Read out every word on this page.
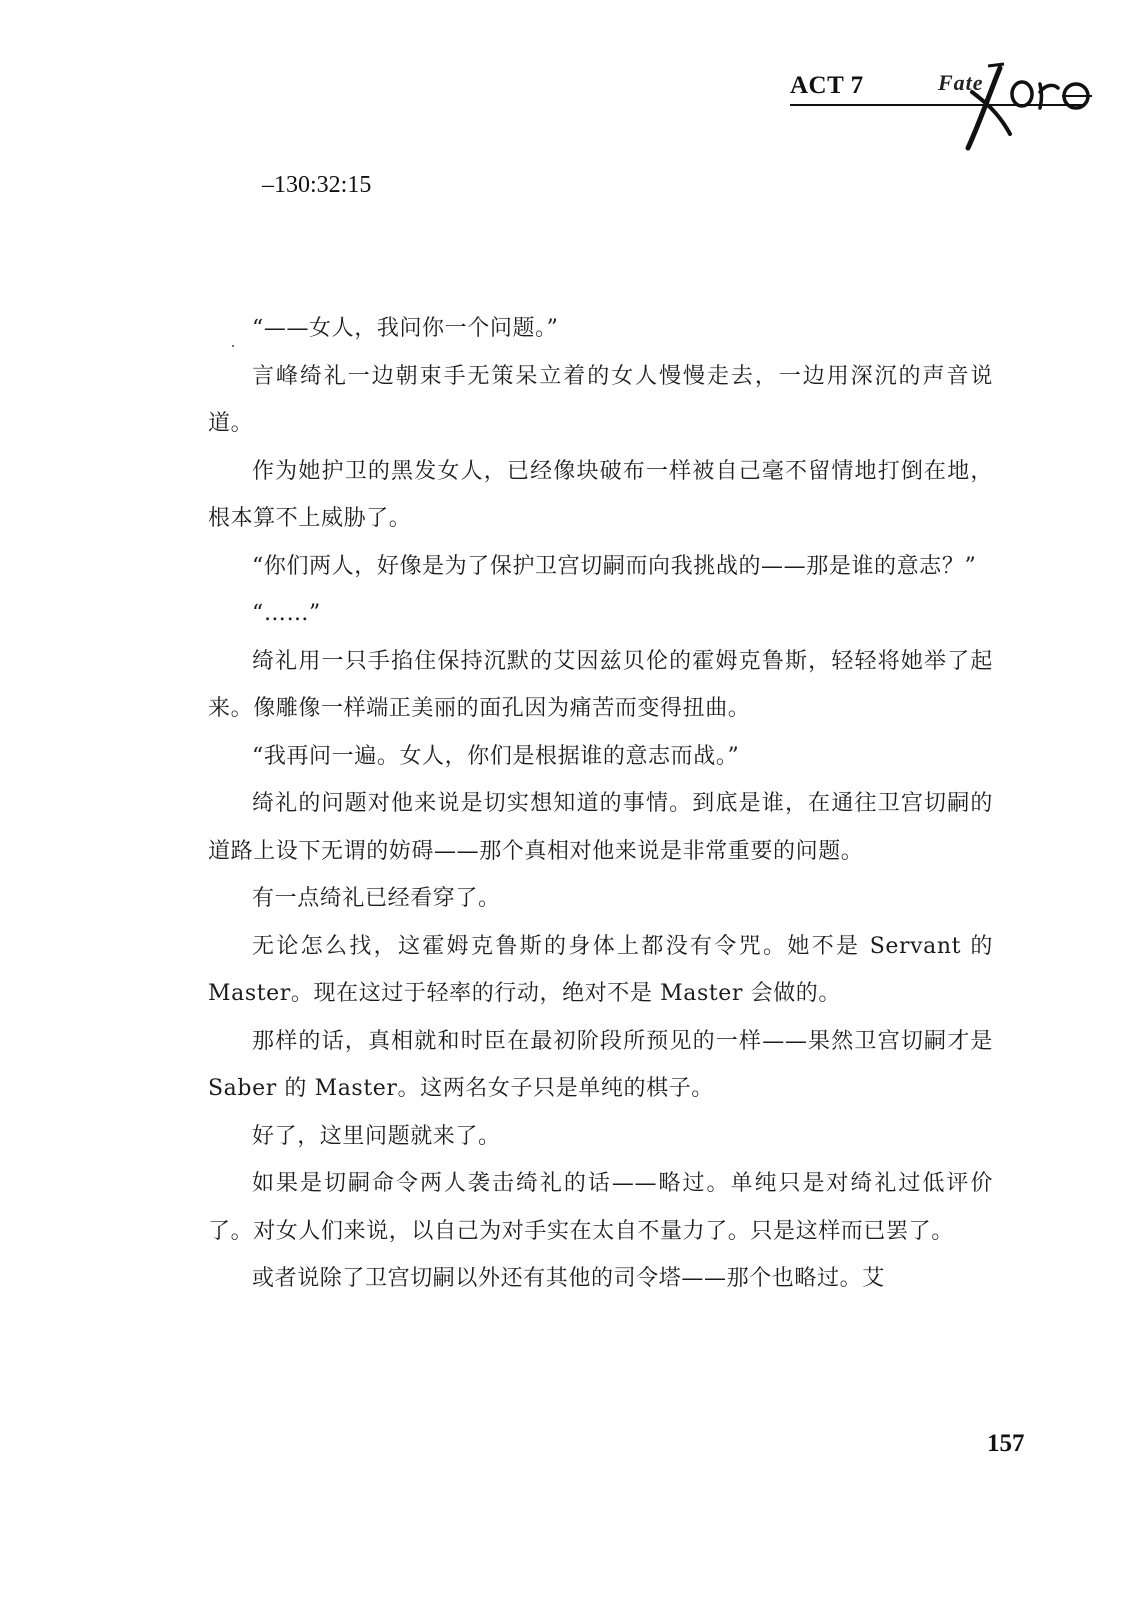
ACT 7	Fate
–130:32:15

“——女人，我问你一个问题。”

言峰绮礼一边朝束手无策呆立着的女人慢慢走去，一边用深沉的声音说道。

作为她护卫的黑发女人，已经像块破布一样被自己毫不留情地打倒在地，根本算不上威胁了。

“你们两人，好像是为了保护卫宫切嗣而向我挑战的——那是谁的意志？”

“……”

绮礼用一只手掐住保持沉默的艾因兹贝伦的霍姆克鲁斯，轻轻将她举了起来。像雕像一样端正美丽的面孔因为痛苦而变得扭曲。

“我再问一遍。女人，你们是根据谁的意志而战。”

绮礼的问题对他来说是切实想知道的事情。到底是谁，在通往卫宫切嗣的道路上设下无谓的妨碍——那个真相对他来说是非常重要的问题。

有一点绮礼已经看穿了。

无论怎么找，这霍姆克鲁斯的身体上都没有令咒。她不是 Servant 的 Master。现在这过于轻率的行动，绝对不是 Master 会做的。

那样的话，真相就和时臣在最初阶段所预见的一样——果然卫宫切嗣才是 Saber 的 Master。这两名女子只是单纯的棋子。

好了，这里问题就来了。

如果是切嗣命令两人袭击绮礼的话——略过。单纯只是对绮礼过低评价了。对女人们来说，以自己为对手实在太自不量力了。只是这样而已罢了。

或者说除了卫宫切嗣以外还有其他的司令塔——那个也略过。艾

157
